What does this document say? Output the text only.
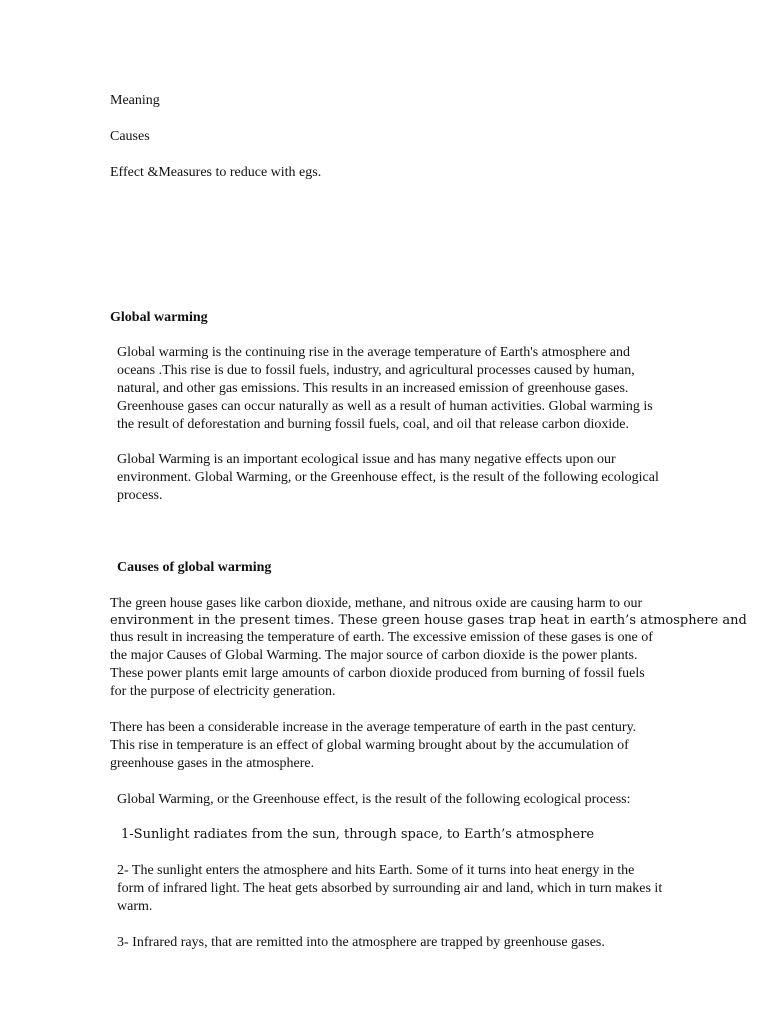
Meaning
Causes
Effect &Measures to reduce with egs.
Global warming

Global warming is the continuing rise in the average temperature of Earth's atmosphere and
oceans .This rise is due to fossil fuels, industry, and agricultural processes caused by human,
natural, and other gas emissions. This results in an increased emission of greenhouse gases.
Greenhouse gases can occur naturally as well as a result of human activities. Global warming is
the result of deforestation and burning fossil fuels, coal, and oil that release carbon dioxide.

Global Warming is an important ecological issue and has many negative effects upon our
environment. Global Warming, or the Greenhouse effect, is the result of the following ecological
process.

Causes of global warming
The green house gases like carbon dioxide, methane, and nitrous oxide are causing harm to our
environment in the present times. These green house gases trap heat in earth’s atmosphere and

thus result in increasing the temperature of earth. The excessive emission of these gases is one of
the major Causes of Global Warming. The major source of carbon dioxide is the power plants.
These power plants emit large amounts of carbon dioxide produced from burning of fossil fuels
for the purpose of electricity generation.

There has been a considerable increase in the average temperature of earth in the past century.
This rise in temperature is an effect of global warming brought about by the accumulation of
greenhouse gases in the atmosphere.

Global Warming, or the Greenhouse effect, is the result of the following ecological process:
1-Sunlight radiates from the sun, through space, to Earth’s atmosphere

2- The sunlight enters the atmosphere and hits Earth. Some of it turns into heat energy in the
form of infrared light. The heat gets absorbed by surrounding air and land, which in turn makes it
warm.

3- Infrared rays, that are remitted into the atmosphere are trapped by greenhouse gases.
